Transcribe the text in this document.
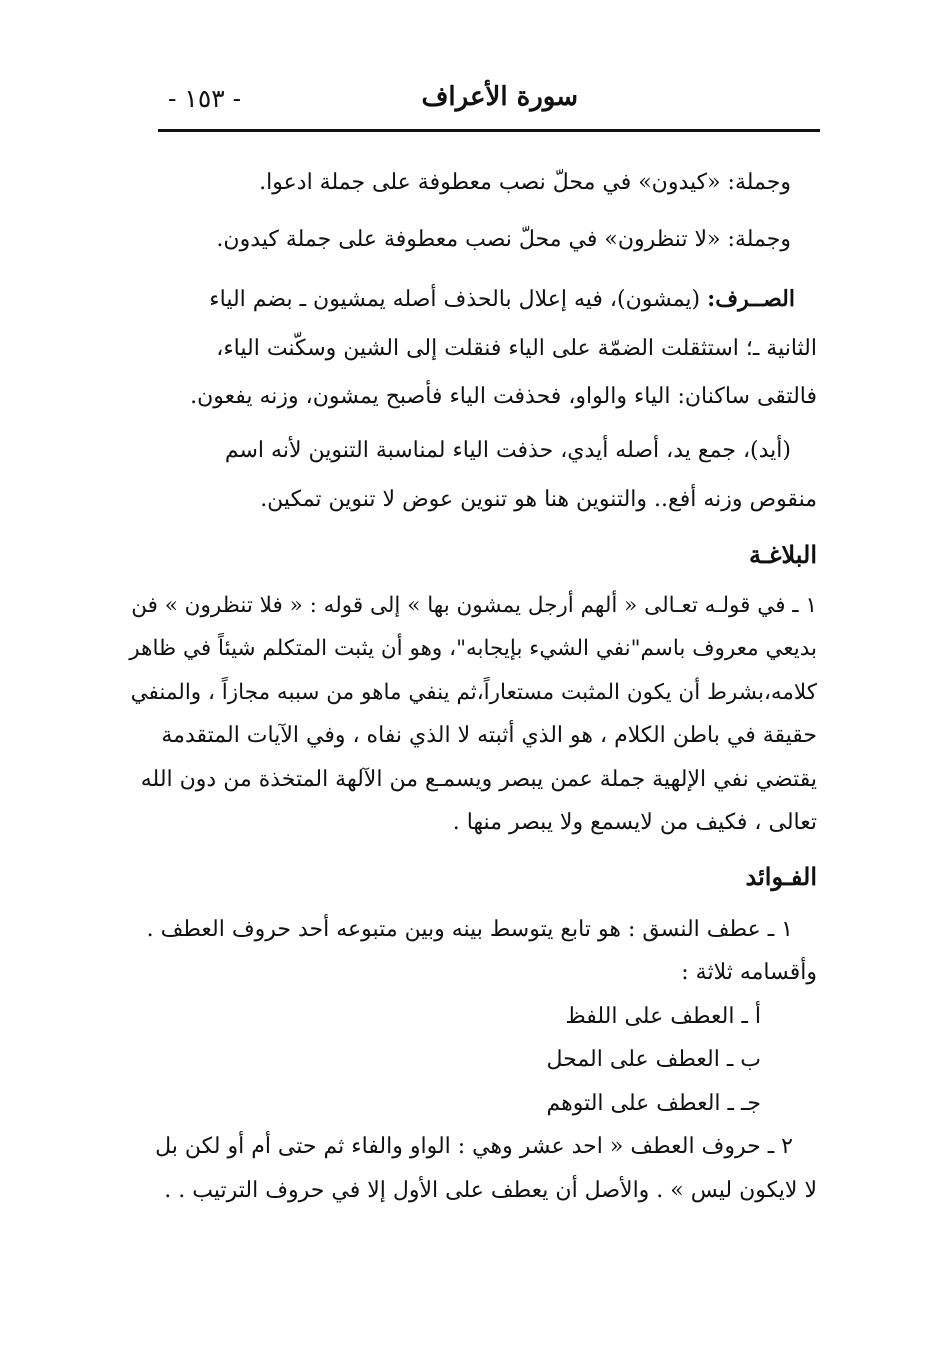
- ١٥٣ -	سورة الأعراف
وجملة: «كيدون» في محلّ نصب معطوفة على جملة ادعوا.
وجملة: «لا تنظرون» في محلّ نصب معطوفة على جملة كيدون.
الصــرف: (يمشون)، فيه إعلال بالحذف أصله يمشيون ـ بضم الياء
الثانية ـ؛ استثقلت الضمّة على الياء فنقلت إلى الشين وسكّنت الياء،
فالتقى ساكنان: الياء والواو، فحذفت الياء فأصبح يمشون، وزنه يفعون.
(أيد)، جمع يد، أصله أيدي، حذفت الياء لمناسبة التنوين لأنه اسم
منقوص وزنه أفع.. والتنوين هنا هو تنوين عوض لا تنوين تمكين.
البلاغـة
١ ـ في قولـه تعـالى « ألهم أرجل يمشون بها » إلى قوله : « فلا تنظرون » فن
بديعي معروف باسم"نفي الشيء بإيجابه"، وهو أن يثبت المتكلم شيئاً في ظاهر
كلامه،بشرط أن يكون المثبت مستعاراً،ثم ينفي ماهو من سببه مجازاً ، والمنفي
حقيقة في باطن الكلام ، هو الذي أثبته لا الذي نفاه ، وفي الآيات المتقدمة
يقتضي نفي الإلهية جملة عمن يبصر ويسمـع من الآلهة المتخذة من دون الله
تعالى ، فكيف من لايسمع ولا يبصر منها .
الفـوائد
١ ـ عطف النسق : هو تابع يتوسط بينه وبين متبوعه أحد حروف العطف .
وأقسامه ثلاثة :
أ ـ العطف على اللفظ
ب ـ العطف على المحل
جـ ـ العطف على التوهم
٢ ـ حروف العطف « احد عشر وهي : الواو والفاء ثم حتى أم أو لكن بل
لا لايكون ليس » . والأصل أن يعطف على الأول إلا في حروف الترتيب . .
